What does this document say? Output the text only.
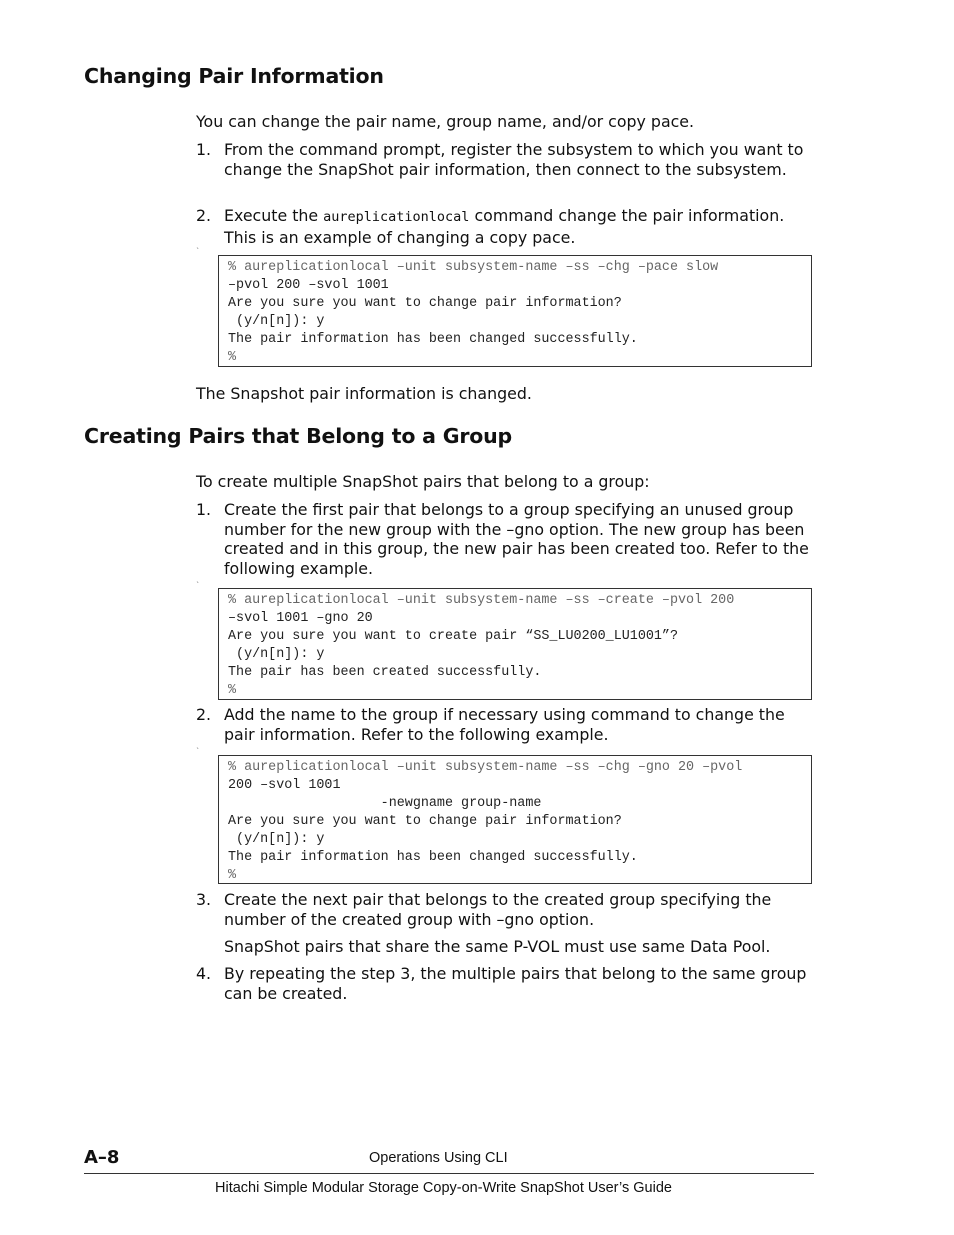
Changing Pair Information

You can change the pair name, group name, and/or copy pace.

1. From the command prompt, register the subsystem to which you want to change the SnapShot pair information, then connect to the subsystem.
2. Execute the aureplicationlocal command change the pair information. This is an example of changing a copy pace.
ˋ
% aureplicationlocal –unit subsystem-name –ss –chg –pace slow
–pvol 200 –svol 1001
Are you sure you want to change pair information?
(y/n[n]): y
The pair information has been changed successfully.
%

The Snapshot pair information is changed.

Creating Pairs that Belong to a Group

To create multiple SnapShot pairs that belong to a group:

1. Create the first pair that belongs to a group specifying an unused group number for the new group with the –gno option. The new group has been created and in this group, the new pair has been created too. Refer to the following example.
ˋ
% aureplicationlocal –unit subsystem-name –ss –create –pvol 200
–svol 1001 –gno 20
Are you sure you want to create pair “SS_LU0200_LU1001”?
(y/n[n]): y
The pair has been created successfully.
%
2. Add the name to the group if necessary using command to change the pair information. Refer to the following example.
ˋ
% aureplicationlocal –unit subsystem-name –ss –chg –gno 20 –pvol
200 –svol 1001
-newgname group-name
Are you sure you want to change pair information?
(y/n[n]): y
The pair information has been changed successfully.
%
3. Create the next pair that belongs to the created group specifying the number of the created group with –gno option.

SnapShot pairs that share the same P-VOL must use same Data Pool.

4. By repeating the step 3, the multiple pairs that belong to the same group can be created.

A–8	Operations Using CLI
Hitachi Simple Modular Storage Copy-on-Write SnapShot User’s Guide
